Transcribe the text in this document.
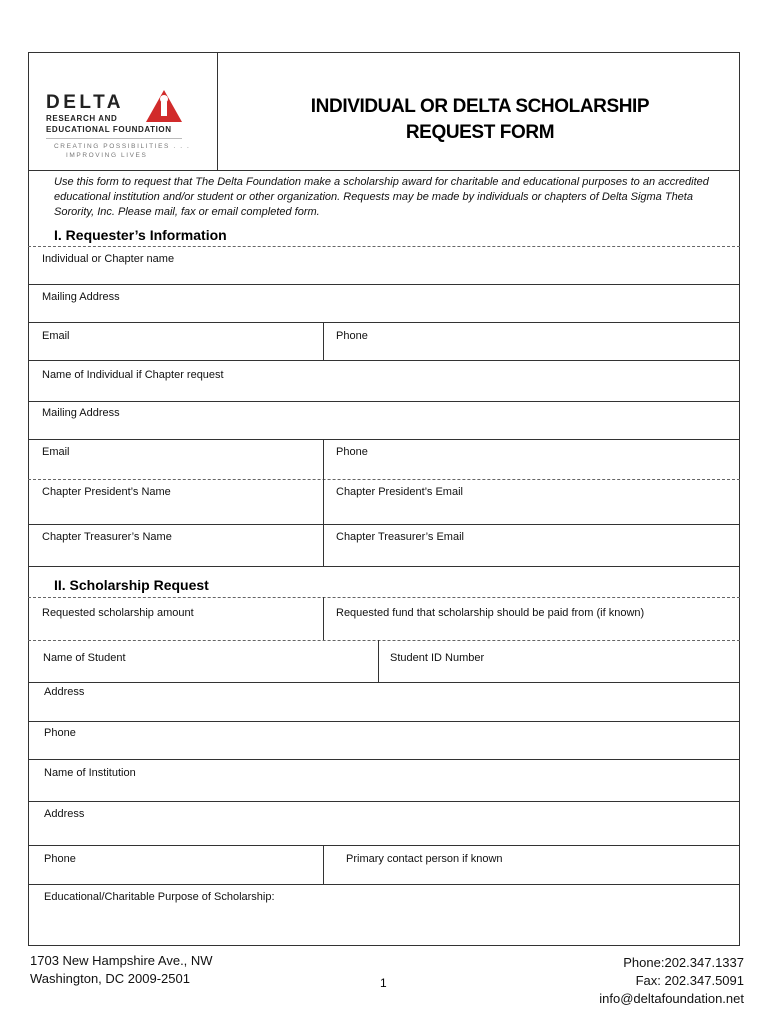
DELTA
RESEARCH AND
EDUCATIONAL FOUNDATION
CREATING POSSIBILITIES . . .
IMPROVING LIVES
INDIVIDUAL OR DELTA SCHOLARSHIP
REQUEST FORM
Use this form to request that The Delta Foundation make a scholarship award for charitable and educational purposes to an accredited educational institution and/or student or other organization. Requests may be made by individuals or chapters of Delta Sigma Theta Sorority, Inc. Please mail, fax or email completed form.
I. Requester’s Information
Individual or Chapter name
Mailing Address
Email	Phone
Name of Individual if Chapter request
Mailing Address
Email	Phone
Chapter President’s Name	Chapter President’s Email
Chapter Treasurer’s Name	Chapter Treasurer’s Email
II. Scholarship Request
Requested scholarship amount	Requested fund that scholarship should be paid from (if known)
Name of Student	Student ID Number
Address
Phone
Name of Institution
Address
Phone	Primary contact person if known
Educational/Charitable Purpose of Scholarship:
1703 New Hampshire Ave., NW
Washington, DC 2009-2501	1
Phone:202.347.1337
Fax: 202.347.5091
info@deltafoundation.net
